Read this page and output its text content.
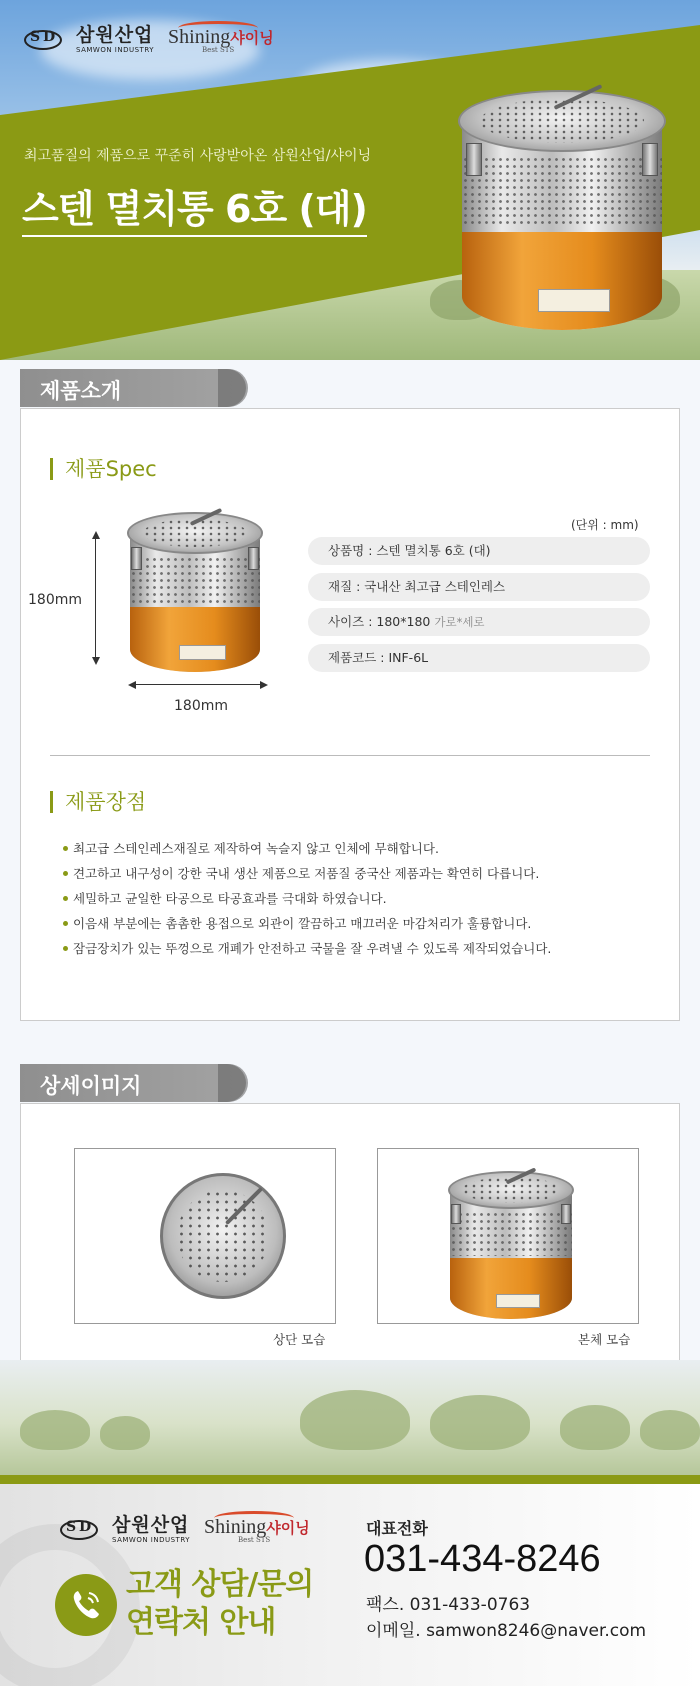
S D
삼원산업
SAMWON INDUSTRY
Shining샤이닝
Best STS
최고품질의 제품으로 꾸준히 사랑받아온 삼원산업/샤이닝
스텐 멸치통 6호 (대)
제품소개
제품Spec
180mm
180mm
(단위 : mm)
상품명 : 스텐 멸치통 6호 (대)
재질 : 국내산 최고급 스테인레스
사이즈 : 180*180 가로*세로
제품코드 : INF-6L
제품장점
최고급 스테인레스재질로 제작하여 녹슬지 않고 인체에 무해합니다.
견고하고 내구성이 강한 국내 생산 제품으로 저품질 중국산 제품과는 확연히 다릅니다.
세밀하고 균일한 타공으로 타공효과를 극대화 하였습니다.
이음새 부분에는 촘촘한 용접으로 외관이 깔끔하고 매끄러운 마감처리가 훌륭합니다.
잠금장치가 있는 뚜껑으로 개폐가 안전하고 국물을 잘 우려낼 수 있도록 제작되었습니다.
상세이미지
상단 모습	본체 모습
S D
삼원산업
SAMWON INDUSTRY
Shining샤이닝
Best STS
고객 상담/문의
연락처 안내
대표전화
031-434-8246
팩스. 031-433-0763
이메일. samwon8246@naver.com
